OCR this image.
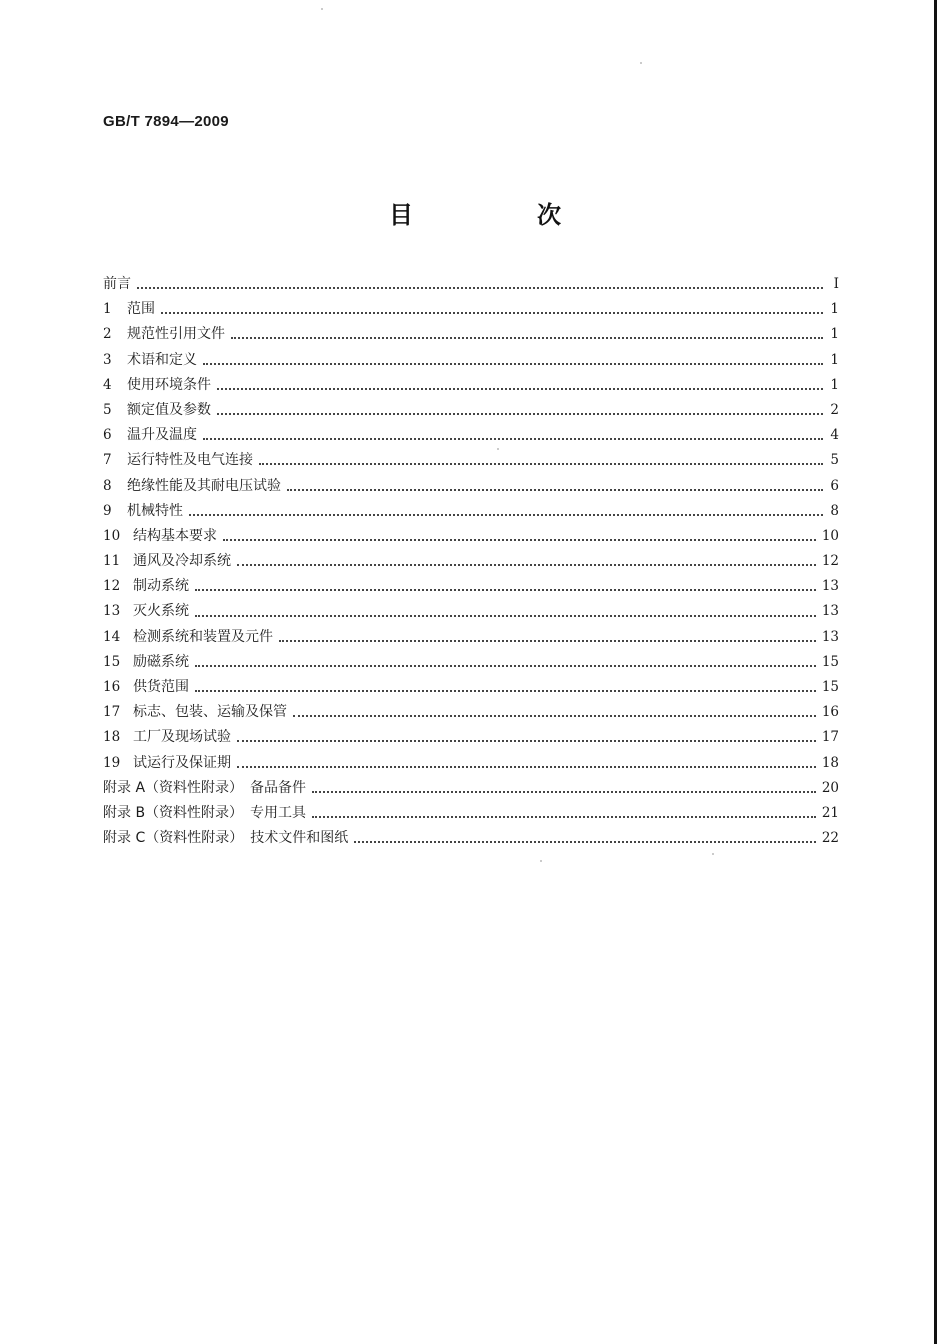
GB/T 7894—2009
目　次
前言	Ⅰ
1 范围	1
2 规范性引用文件	1
3 术语和定义	1
4 使用环境条件	1
5 额定值及参数	2
6 温升及温度	4
7 运行特性及电气连接	5
8 绝缘性能及其耐电压试验	6
9 机械特性	8
10 结构基本要求	10
11 通风及冷却系统	12
12 制动系统	13
13 灭火系统	13
14 检测系统和装置及元件	13
15 励磁系统	15
16 供货范围	15
17 标志、包装、运输及保管	16
18 工厂及现场试验	17
19 试运行及保证期	18
附录 A（资料性附录）　备品备件	20
附录 B（资料性附录）　专用工具	21
附录 C（资料性附录）　技术文件和图纸	22
